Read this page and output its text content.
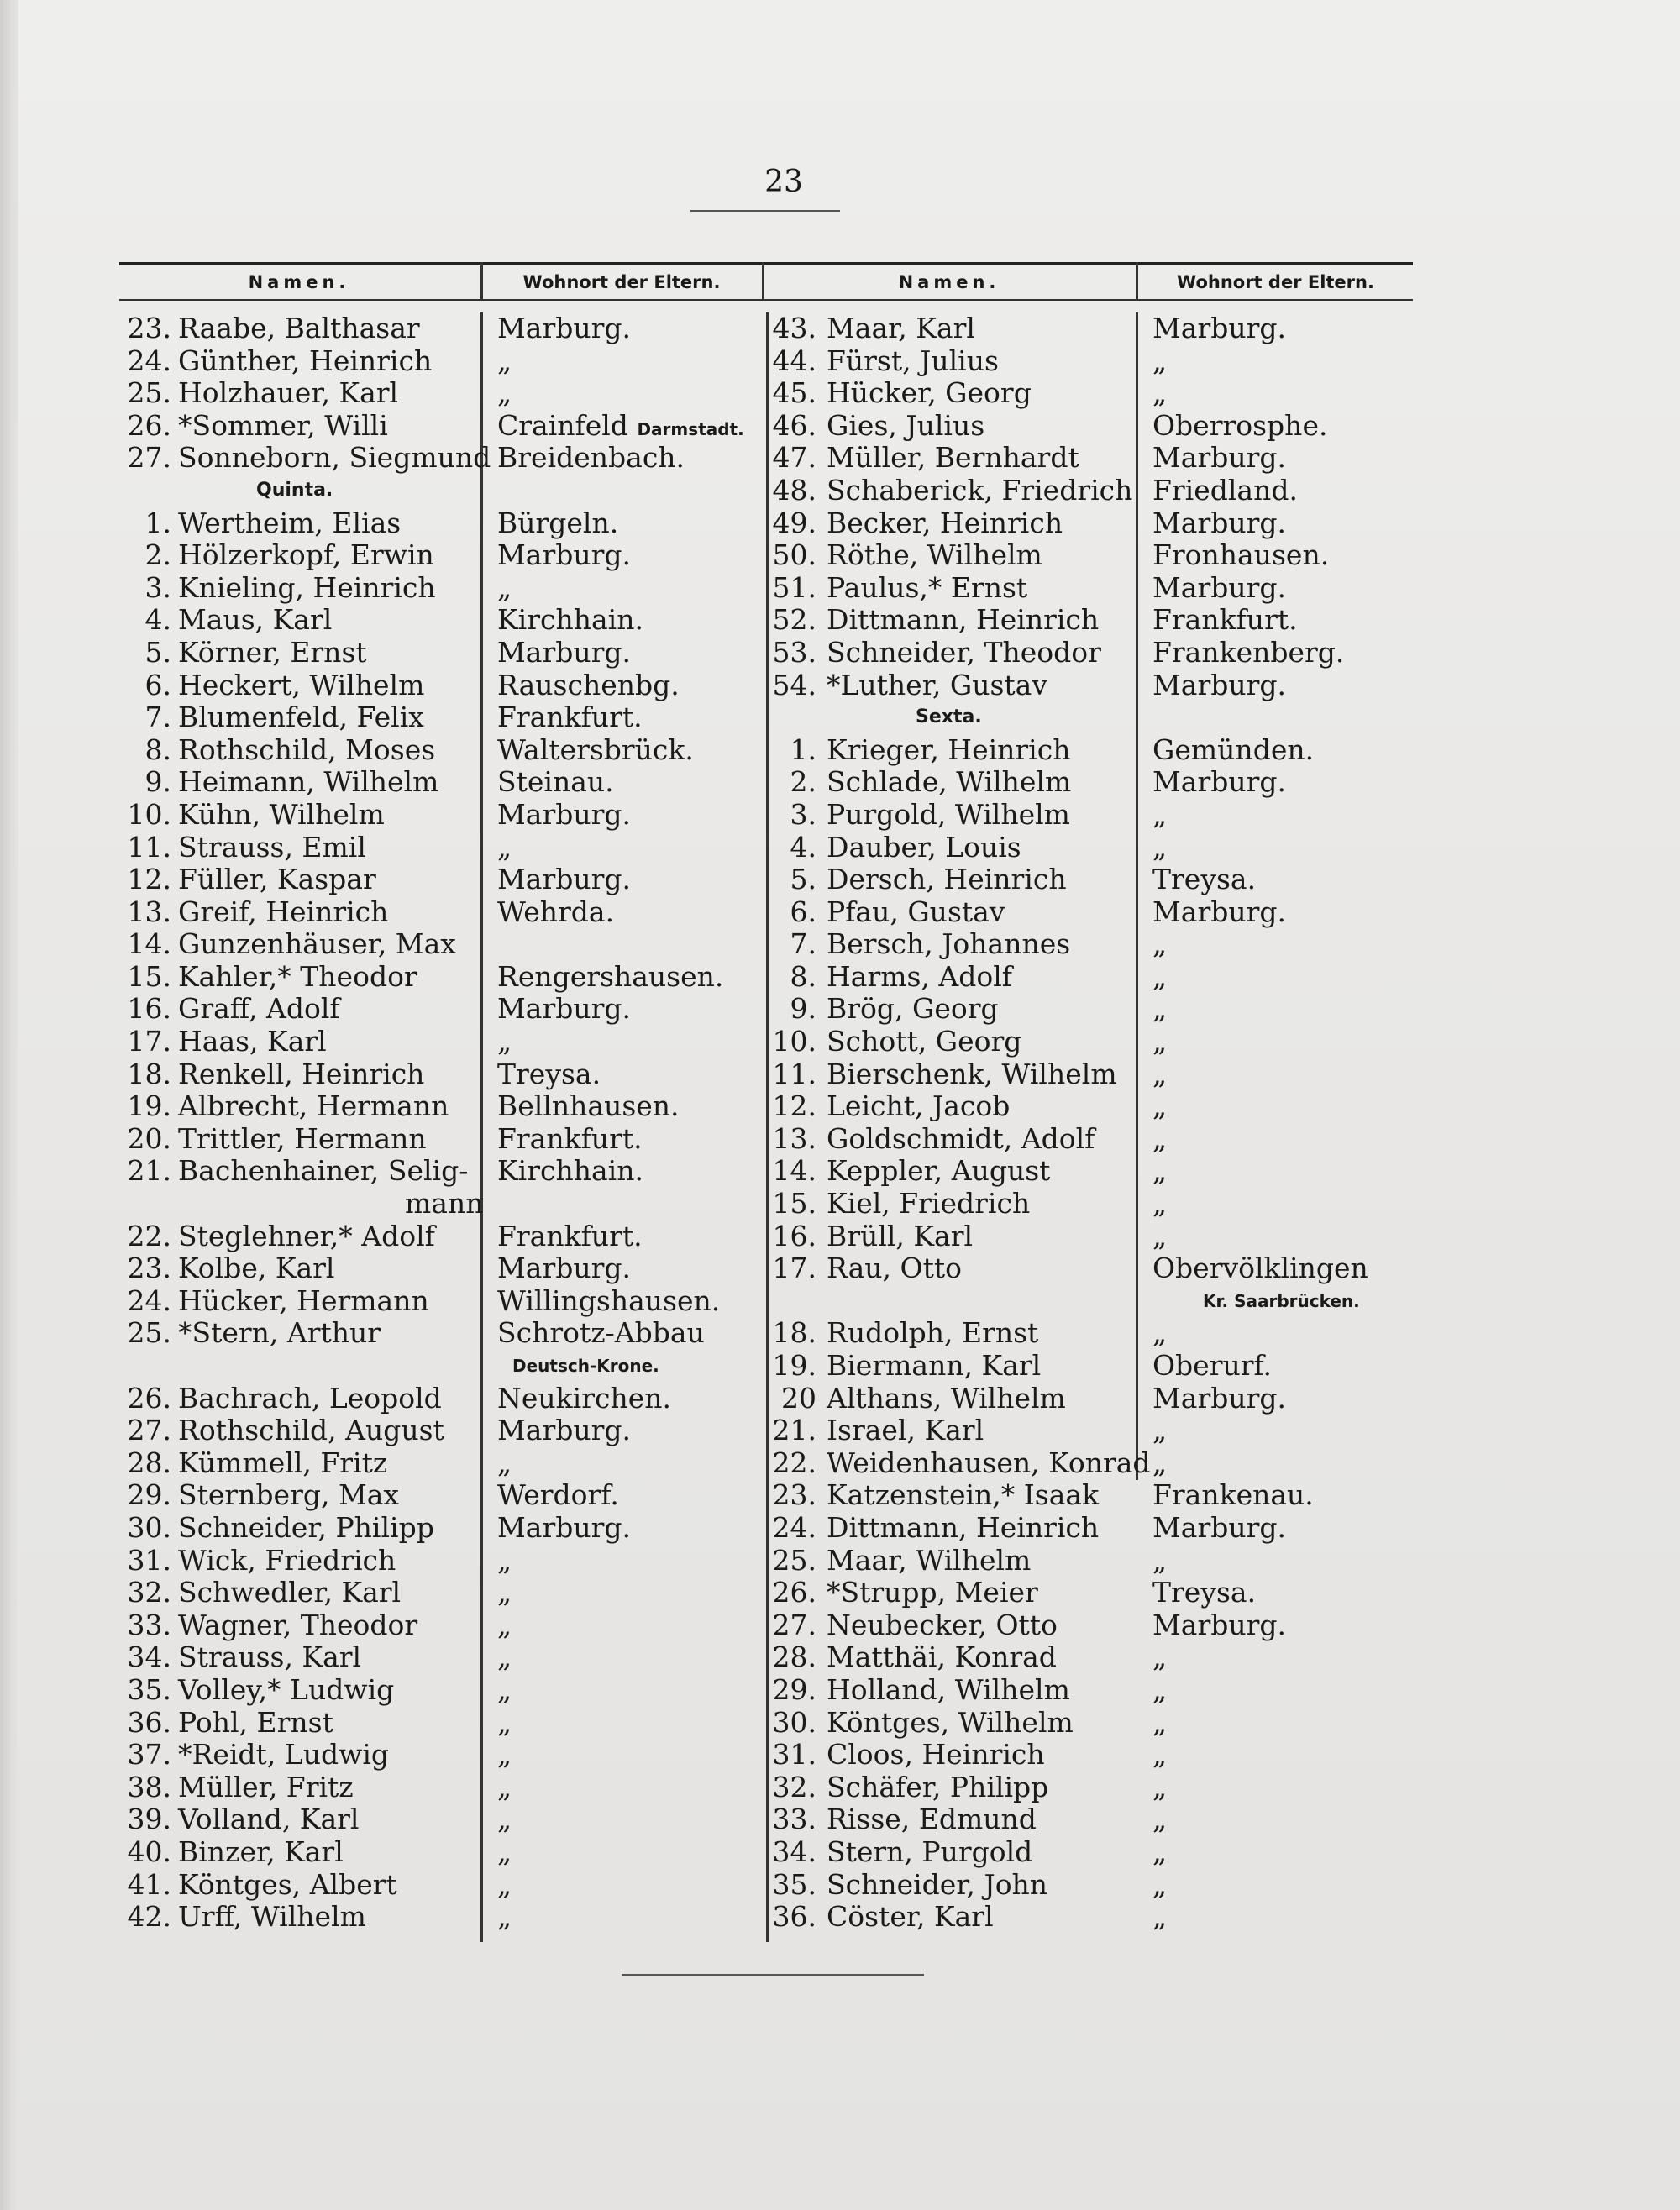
23
Namen.	Wohnort der Eltern.	Namen.	Wohnort der Eltern.
23. Raabe, Balthasar	Marburg.
24. Günther, Heinrich „
25. Holzhauer, Karl	„
26. *Sommer, Willi	Crainfeld Darmstadt.
27. Sonneborn, Siegmund Breidenbach.
Quinta.
1. Wertheim, Elias	Bürgeln.
2. Hölzerkopf, Erwin Marburg.
3. Knieling, Heinrich „
4. Maus, Karl	Kirchhain.
5. Körner, Ernst	Marburg.
6. Heckert, Wilhelm	Rauschenbg.
7. Blumenfeld, Felix	Frankfurt.
8. Rothschild, Moses Waltersbrück.
9. Heimann, Wilhelm Steinau.
10. Kühn, Wilhelm	Marburg.
11. Strauss, Emil	„
12. Füller, Kaspar	Marburg.
13. Greif, Heinrich	Wehrda.
14. Gunzenhäuser, Max
15. Kahler,* Theodor	Rengershausen.
16. Graff, Adolf	Marburg.
17. Haas, Karl	„
18. Renkell, Heinrich	Treysa.
19. Albrecht, Hermann Bellnhausen.
20. Trittler, Hermann	Frankfurt.
21. Bachenhainer, Selig- Kirchhain.
mann
22. Steglehner,* Adolf Frankfurt.
23. Kolbe, Karl	Marburg.
24. Hücker, Hermann Willingshausen.
25. *Stern, Arthur	Schrotz-Abbau
Deutsch-Krone.
26. Bachrach, Leopold Neukirchen.
27. Rothschild, August Marburg.
28. Kümmell, Fritz	„
29. Sternberg, Max	Werdorf.
30. Schneider, Philipp Marburg.
31. Wick, Friedrich	„
32. Schwedler, Karl	„
33. Wagner, Theodor	„
34. Strauss, Karl	„
35. Volley,* Ludwig	„
36. Pohl, Ernst	„
37. *Reidt, Ludwig	„
38. Müller, Fritz	„
39. Volland, Karl	„
40. Binzer, Karl	„
41. Köntges, Albert	„
42. Urff, Wilhelm	„
43. Maar, Karl	Marburg.
44. Fürst, Julius	„
45. Hücker, Georg	„
46. Gies, Julius	Oberrosphe.
47. Müller, Bernhardt	Marburg.
48. Schaberick, Friedrich Friedland.
49. Becker, Heinrich	Marburg.
50. Röthe, Wilhelm	Fronhausen.
51. Paulus,* Ernst	Marburg.
52. Dittmann, Heinrich Frankfurt.
53. Schneider, Theodor Frankenberg.
54. *Luther, Gustav	Marburg.
Sexta.
1. Krieger, Heinrich	Gemünden.
2. Schlade, Wilhelm	Marburg.
3. Purgold, Wilhelm	„
4. Dauber, Louis	„
5. Dersch, Heinrich	Treysa.
6. Pfau, Gustav	Marburg.
7. Bersch, Johannes	„
8. Harms, Adolf	„
9. Brög, Georg	„
10. Schott, Georg	„
11. Bierschenk, Wilhelm „
12. Leicht, Jacob	„
13. Goldschmidt, Adolf „
14. Keppler, August	„
15. Kiel, Friedrich	„
16. Brüll, Karl	„
17. Rau, Otto	Obervölklingen
Kr. Saarbrücken.
18. Rudolph, Ernst	„
19. Biermann, Karl	Oberurf.
20 Althans, Wilhelm	Marburg.
21. Israel, Karl	„
22. Weidenhausen, Konrad „
23. Katzenstein,* Isaak Frankenau.
24. Dittmann, Heinrich Marburg.
25. Maar, Wilhelm	„
26. *Strupp, Meier	Treysa.
27. Neubecker, Otto	Marburg.
28. Matthäi, Konrad	„
29. Holland, Wilhelm	„
30. Köntges, Wilhelm	„
31. Cloos, Heinrich	„
32. Schäfer, Philipp	„
33. Risse, Edmund	„
34. Stern, Purgold	„
35. Schneider, John	„
36. Cöster, Karl	„
